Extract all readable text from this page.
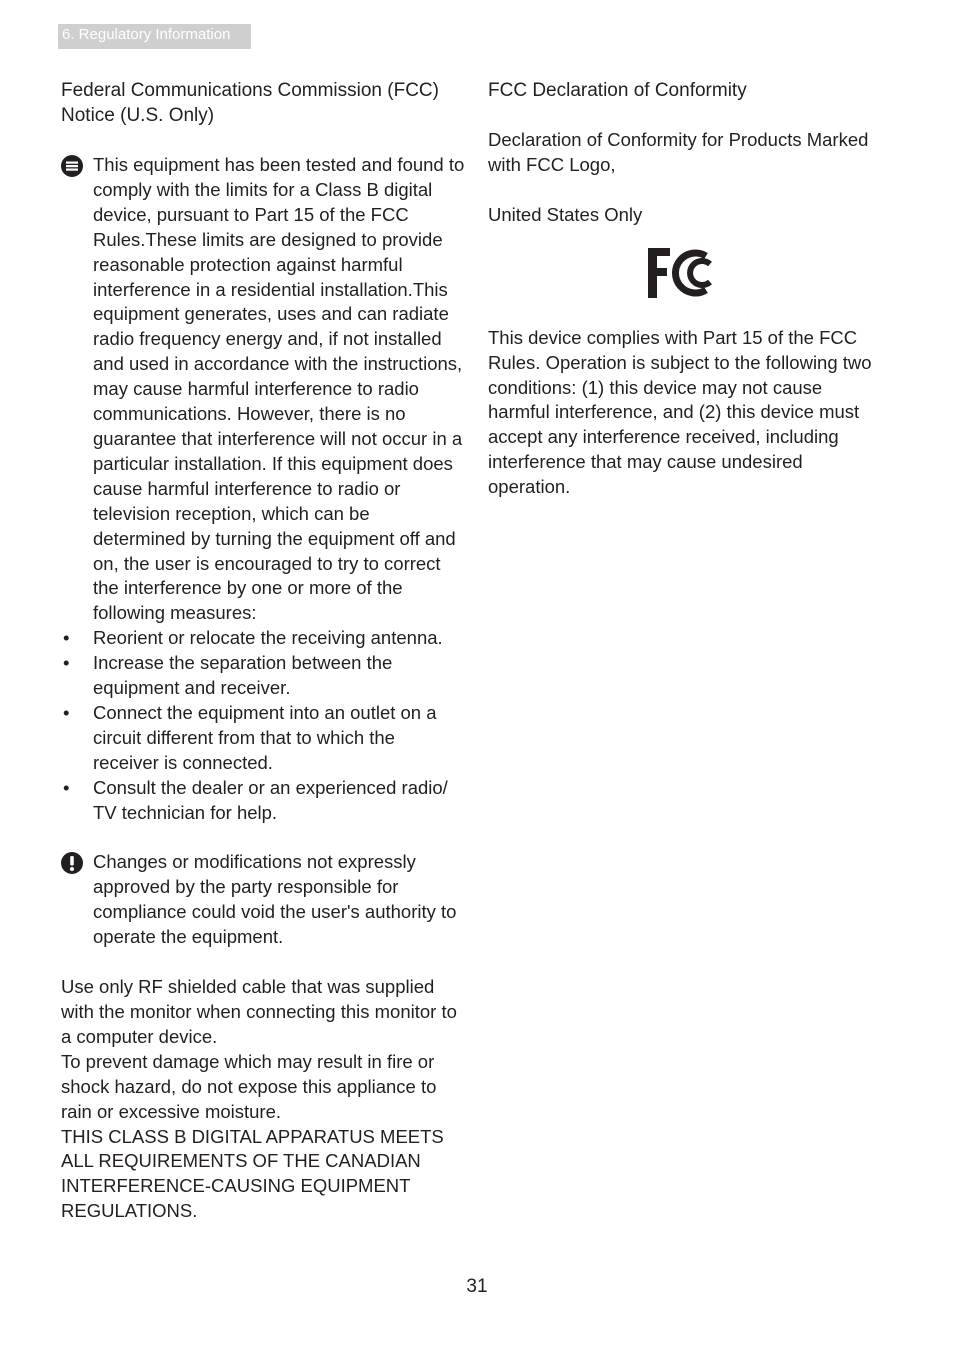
6. Regulatory Information
Federal Communications Commission (FCC) Notice (U.S. Only)

This equipment has been tested and found to comply with the limits for a Class B digital device, pursuant to Part 15 of the FCC Rules.These limits are designed to provide reasonable protection against harmful interference in a residential installation.This equipment generates, uses and can radiate radio frequency energy and, if not installed and used in accordance with the instructions, may cause harmful interference to radio communications. However, there is no guarantee that interference will not occur in a particular installation. If this equipment does cause harmful interference to radio or television reception, which can be determined by turning the equipment off and on, the user is encouraged to try to correct the interference by one or more of the following measures:

• Reorient or relocate the receiving antenna.
• Increase the separation between the equipment and receiver.
• Connect the equipment into an outlet on a circuit different from that to which the receiver is connected.
• Consult the dealer or an experienced radio/ TV technician for help.

Changes or modifications not expressly approved by the party responsible for compliance could void the user's authority to operate the equipment.

Use only RF shielded cable that was supplied with the monitor when connecting this monitor to a computer device.

To prevent damage which may result in fire or shock hazard, do not expose this appliance to rain or excessive moisture.

THIS CLASS B DIGITAL APPARATUS MEETS ALL REQUIREMENTS OF THE CANADIAN INTERFERENCE-CAUSING EQUIPMENT REGULATIONS.

FCC Declaration of Conformity

Declaration of Conformity for Products Marked with FCC Logo,

United States Only

This device complies with Part 15 of the FCC Rules. Operation is subject to the following two conditions: (1) this device may not cause harmful interference, and (2) this device must accept any interference received, including interference that may cause undesired operation.

31
